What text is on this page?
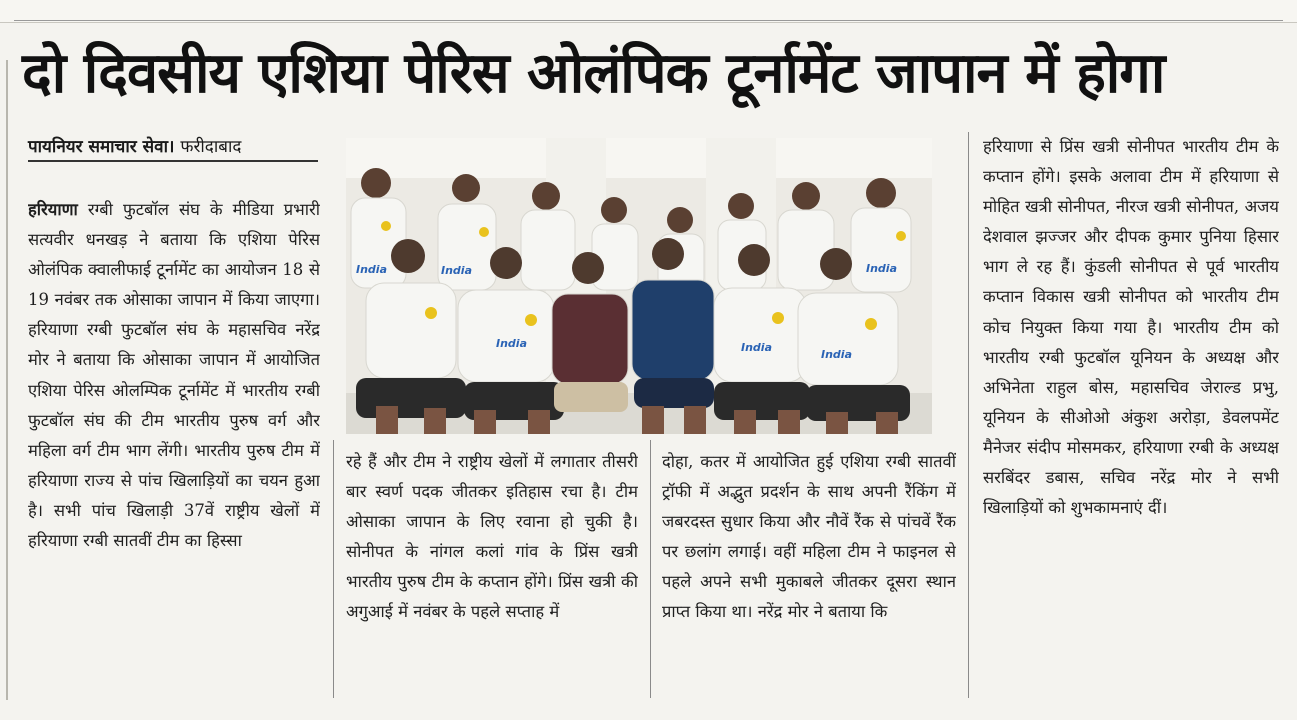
दो दिवसीय एशिया पेरिस ओलंपिक टूर्नामेंट जापान में होगा
पायनियर समाचार सेवा। फरीदाबाद

हरियाणा रग्बी फुटबॉल संघ के मीडिया प्रभारी सत्यवीर धनखड़ ने बताया कि एशिया पेरिस ओलंपिक क्वालीफाई टूर्नामेंट का आयोजन 18 से 19 नवंबर तक ओसाका जापान में किया जाएगा। हरियाणा रग्बी फुटबॉल संघ के महासचिव नरेंद्र मोर ने बताया कि ओसाका जापान में आयोजित एशिया पेरिस ओलम्पिक टूर्नामेंट में भारतीय रग्बी फुटबॉल संघ की टीम भारतीय पुरुष वर्ग और महिला वर्ग टीम भाग लेंगी। भारतीय पुरुष टीम में हरियाणा राज्य से पांच खिलाड़ियों का चयन हुआ है। सभी पांच खिलाड़ी 37वें राष्ट्रीय खेलों में हरियाणा रग्बी सातवीं टीम का हिस्सा

India
India	India
India
India	India

रहे हैं और टीम ने राष्ट्रीय खेलों में लगातार तीसरी बार स्वर्ण पदक जीतकर इतिहास रचा है। टीम ओसाका जापान के लिए रवाना हो चुकी है। सोनीपत के नांगल कलां गांव के प्रिंस खत्री भारतीय पुरुष टीम के कप्तान होंगे। प्रिंस खत्री की अगुआई में नवंबर के पहले सप्ताह में

दोहा, कतर में आयोजित हुई एशिया रग्बी सातवीं ट्रॉफी में अद्भुत प्रदर्शन के साथ अपनी रैंकिंग में जबरदस्त सुधार किया और नौवें रैंक से पांचवें रैंक पर छलांग लगाई। वहीं महिला टीम ने फाइनल से पहले अपने सभी मुकाबले जीतकर दूसरा स्थान प्राप्त किया था। नरेंद्र मोर ने बताया कि

हरियाणा से प्रिंस खत्री सोनीपत भारतीय टीम के कप्तान होंगे। इसके अलावा टीम में हरियाणा से मोहित खत्री सोनीपत, नीरज खत्री सोनीपत, अजय देशवाल झज्जर और दीपक कुमार पुनिया हिसार भाग ले रह हैं। कुंडली सोनीपत से पूर्व भारतीय कप्तान विकास खत्री सोनीपत को भारतीय टीम कोच नियुक्त किया गया है। भारतीय टीम को भारतीय रग्बी फुटबॉल यूनियन के अध्यक्ष और अभिनेता राहुल बोस, महासचिव जेराल्ड प्रभु, यूनियन के सीओओ अंकुश अरोड़ा, डेवलपमेंट मैनेजर संदीप मोसमकर, हरियाणा रग्बी के अध्यक्ष सरबिंदर डबास, सचिव नरेंद्र मोर ने सभी खिलाड़ियों को शुभकामनाएं दीं।
